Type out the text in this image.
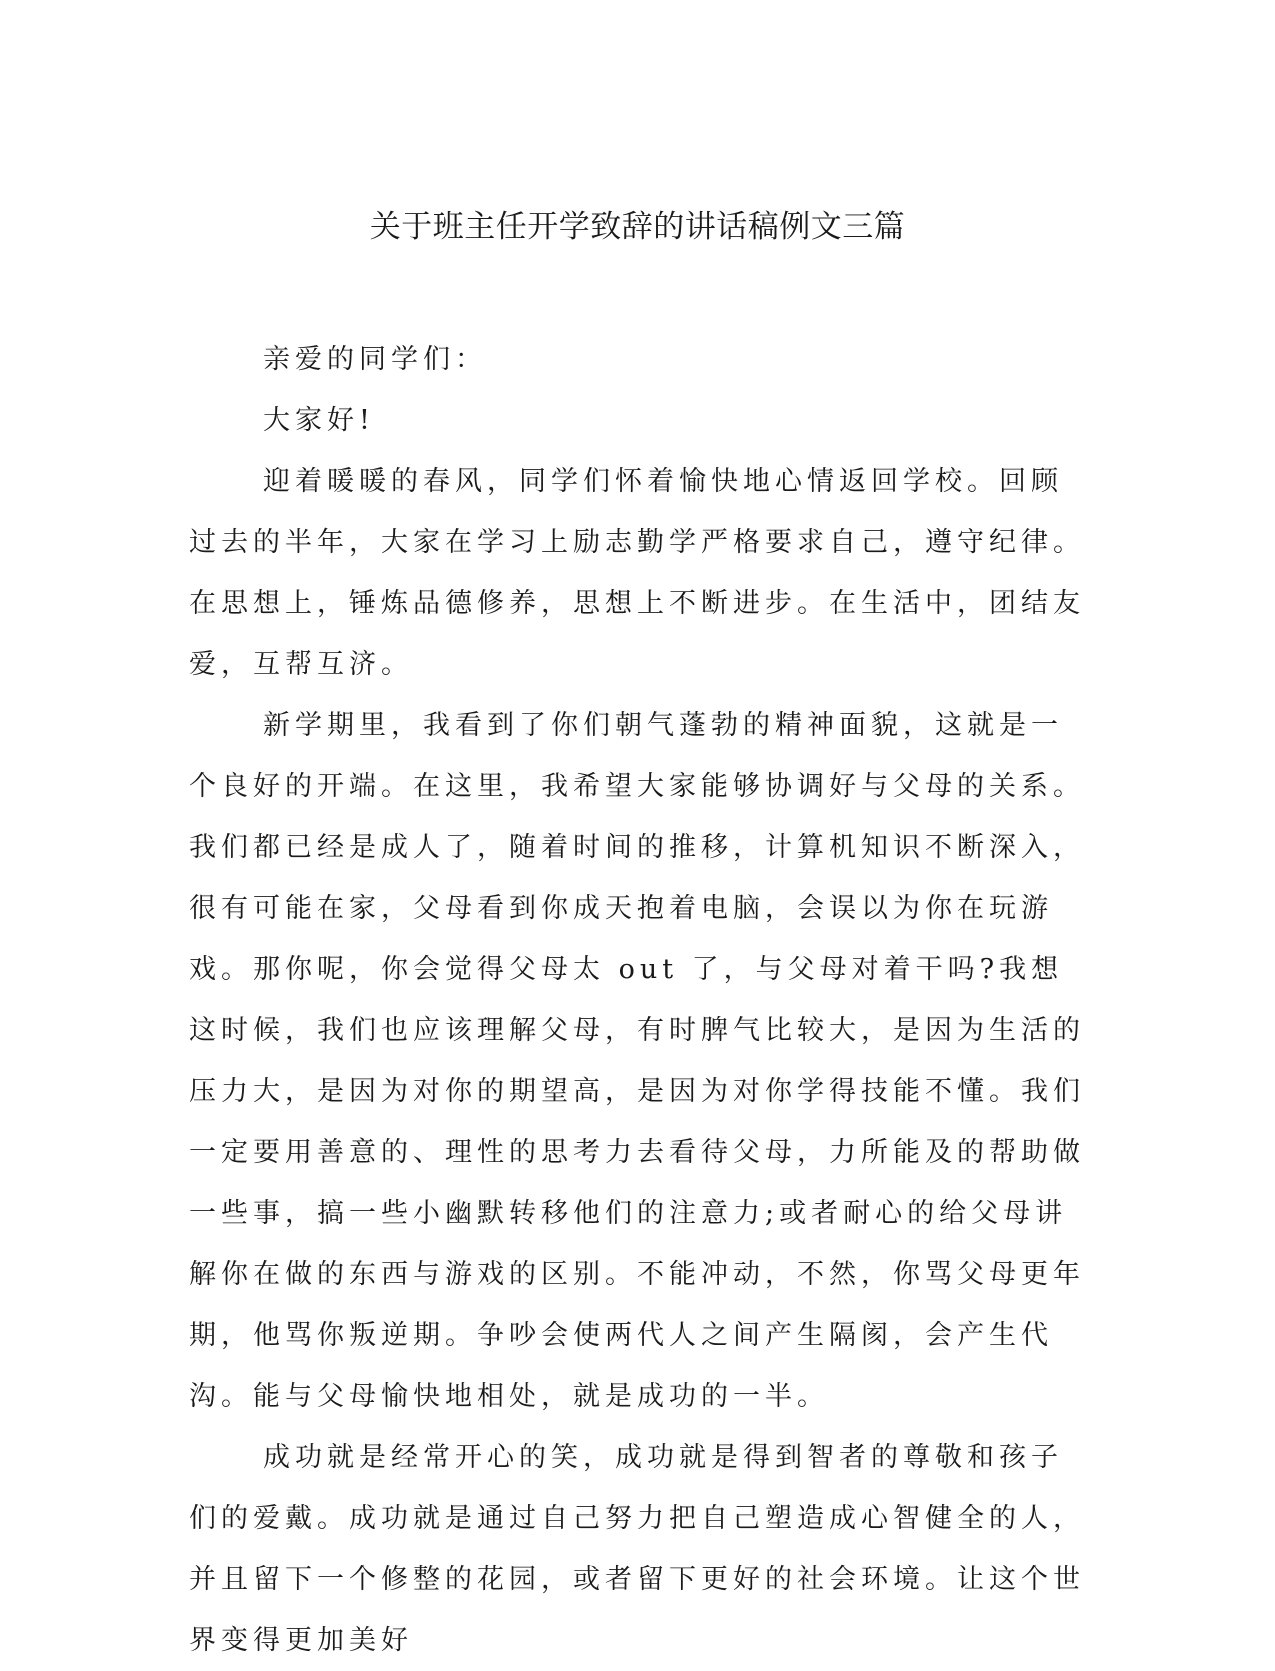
关于班主任开学致辞的讲话稿例文三篇

亲爱的同学们：

大家好!

迎着暖暖的春风，同学们怀着愉快地心情返回学校。回顾过去的半年，大家在学习上励志勤学严格要求自己，遵守纪律。在思想上，锤炼品德修养，思想上不断进步。在生活中，团结友爱，互帮互济。

新学期里，我看到了你们朝气蓬勃的精神面貌，这就是一个良好的开端。在这里，我希望大家能够协调好与父母的关系。我们都已经是成人了，随着时间的推移，计算机知识不断深入，很有可能在家，父母看到你成天抱着电脑，会误以为你在玩游戏。那你呢，你会觉得父母太 out 了，与父母对着干吗?我想这时候，我们也应该理解父母，有时脾气比较大，是因为生活的压力大，是因为对你的期望高，是因为对你学得技能不懂。我们一定要用善意的、理性的思考力去看待父母，力所能及的帮助做一些事，搞一些小幽默转移他们的注意力;或者耐心的给父母讲解你在做的东西与游戏的区别。不能冲动，不然，你骂父母更年期，他骂你叛逆期。争吵会使两代人之间产生隔阂，会产生代沟。能与父母愉快地相处，就是成功的一半。

成功就是经常开心的笑，成功就是得到智者的尊敬和孩子们的爱戴。成功就是通过自己努力把自己塑造成心智健全的人，并且留下一个修整的花园，或者留下更好的社会环境。让这个世界变得更加美好
